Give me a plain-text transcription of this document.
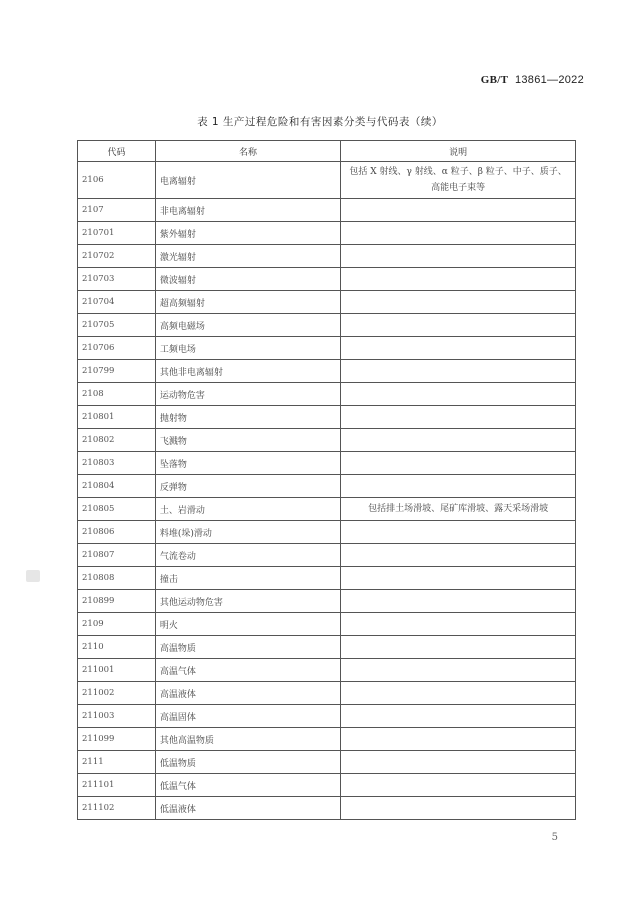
GB/T 13861—2022
表 1 生产过程危险和有害因素分类与代码表（续）
代码	名称	说明
2106	电离辐射	包括 X 射线、γ 射线、α 粒子、β 粒子、中子、质子、高能电子束等
2107	非电离辐射	
210701	紫外辐射	
210702	激光辐射	
210703	微波辐射	
210704	超高频辐射	
210705	高频电磁场	
210706	工频电场	
210799	其他非电离辐射	
2108	运动物危害	
210801	抛射物	
210802	飞溅物	
210803	坠落物	
210804	反弹物	
210805	土、岩滑动	包括排土场滑坡、尾矿库滑坡、露天采场滑坡
210806	料堆(垛)滑动	
210807	气流卷动	
210808	撞击	
210899	其他运动物危害	
2109	明火	
2110	高温物质	
211001	高温气体	
211002	高温液体	
211003	高温固体	
211099	其他高温物质	
2111	低温物质	
211101	低温气体	
211102	低温液体	
5
